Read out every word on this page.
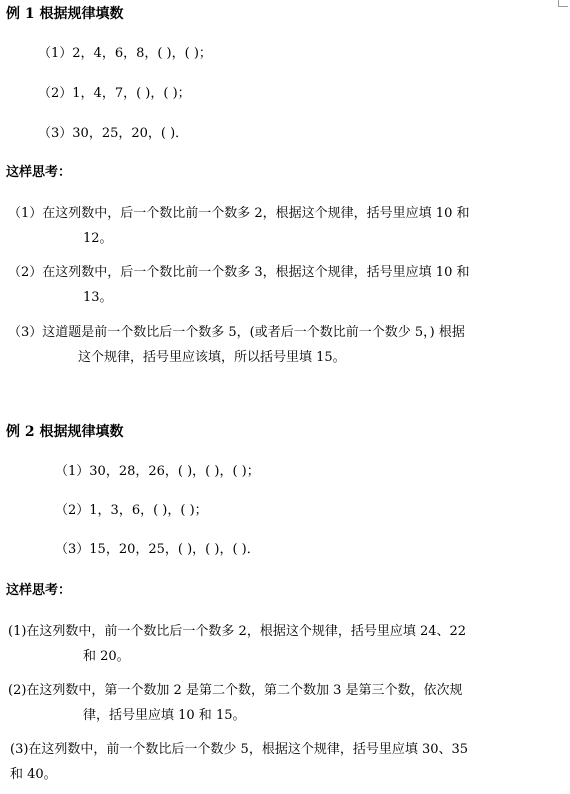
例 1 根据规律填数
（1）2，4，6，8，( )，( )；
（2）1，4，7，( )，( )；
（3）30，25，20，( )．
这样思考：
（1）在这列数中，后一个数比前一个数多 2，根据这个规律，括号里应填 10 和
12。
（2）在这列数中，后一个数比前一个数多 3，根据这个规律，括号里应填 10 和
13。
（3）这道题是前一个数比后一个数多 5，(或者后一个数比前一个数少 5，) 根据
这个规律，括号里应该填，所以括号里填 15。
例 2 根据规律填数
（1）30，28，26，( )，( )，( )；
（2）1，3，6，( )，( )；
（3）15，20，25，( )，( )，( )．
这样思考：
(1)在这列数中，前一个数比后一个数多 2，根据这个规律，括号里应填 24、22
和 20。
(2)在这列数中，第一个数加 2 是第二个数，第二个数加 3 是第三个数，依次规
律，括号里应填 10 和 15。
(3)在这列数中，前一个数比后一个数少 5，根据这个规律，括号里应填 30、35
和 40。
